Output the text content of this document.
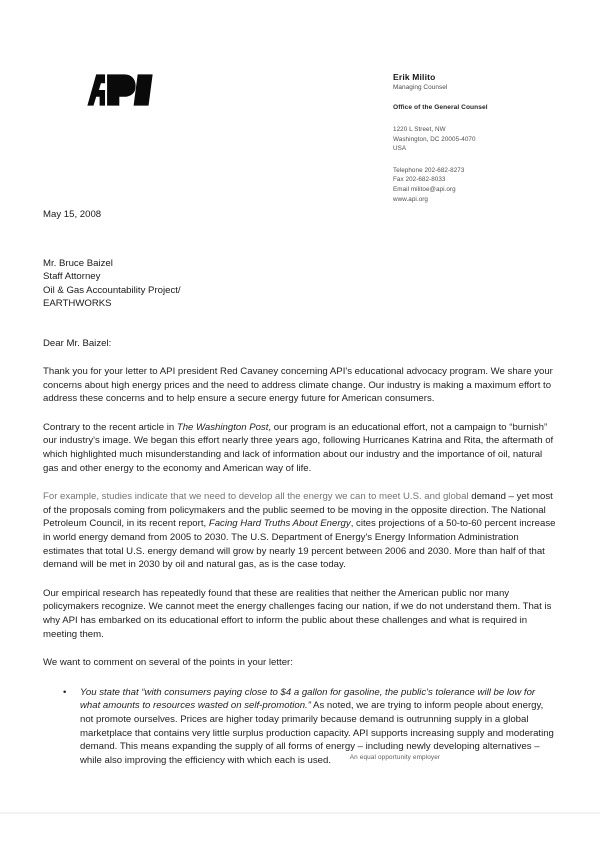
Erik Milito
Managing Counsel
Office of the General Counsel
1220 L Street, NW
Washington, DC 20005-4070
USA
Telephone 202-682-8273
Fax 202-682-8033
Email militoe@api.org
www.api.org
May 15, 2008
Mr. Bruce Baizel
Staff Attorney
Oil & Gas Accountability Project/
EARTHWORKS
Dear Mr. Baizel:
Thank you for your letter to API president Red Cavaney concerning API's educational advocacy program. We share your concerns about high energy prices and the need to address climate change. Our industry is making a maximum effort to address these concerns and to help ensure a secure energy future for American consumers.
Contrary to the recent article in The Washington Post, our program is an educational effort, not a campaign to “burnish” our industry's image. We began this effort nearly three years ago, following Hurricanes Katrina and Rita, the aftermath of which highlighted much misunderstanding and lack of information about our industry and the importance of oil, natural gas and other energy to the economy and American way of life.
For example, studies indicate that we need to develop all the energy we can to meet U.S. and global demand – yet most of the proposals coming from policymakers and the public seemed to be moving in the opposite direction. The National Petroleum Council, in its recent report, Facing Hard Truths About Energy, cites projections of a 50-to-60 percent increase in world energy demand from 2005 to 2030. The U.S. Department of Energy's Energy Information Administration estimates that total U.S. energy demand will grow by nearly 19 percent between 2006 and 2030. More than half of that demand will be met in 2030 by oil and natural gas, as is the case today.
Our empirical research has repeatedly found that these are realities that neither the American public nor many policymakers recognize. We cannot meet the energy challenges facing our nation, if we do not understand them. That is why API has embarked on its educational effort to inform the public about these challenges and what is required in meeting them.
We want to comment on several of the points in your letter:
•	You state that “with consumers paying close to $4 a gallon for gasoline, the public's tolerance will be low for what amounts to resources wasted on self-promotion.” As noted, we are trying to inform people about energy, not promote ourselves. Prices are higher today primarily because demand is outrunning supply in a global marketplace that contains very little surplus production capacity. API supports increasing supply and moderating demand. This means expanding the supply of all forms of energy – including newly developing alternatives – while also improving the efficiency with which each is used.	An equal opportunity employer
